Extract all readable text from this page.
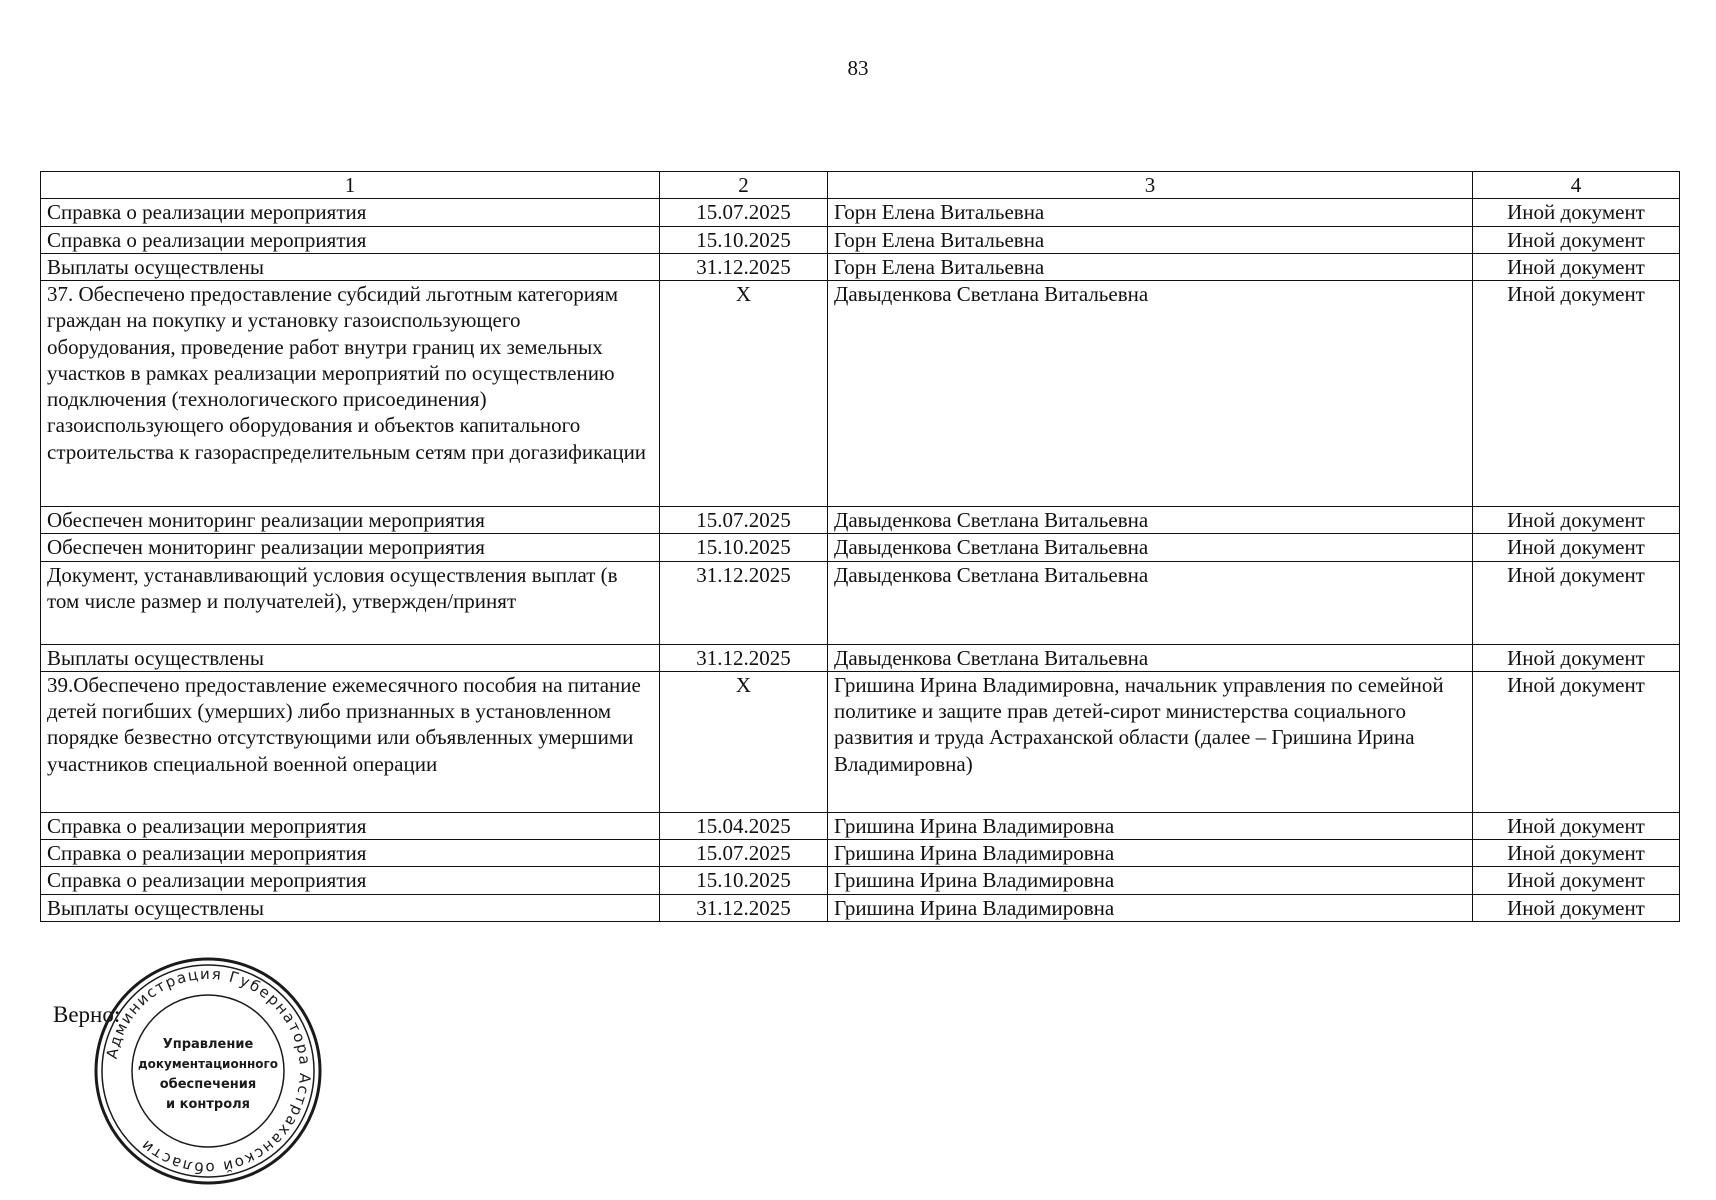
83
1	2	3	4
Справка о реализации мероприятия	15.07.2025	Горн Елена Витальевна	Иной документ
Справка о реализации мероприятия	15.10.2025	Горн Елена Витальевна	Иной документ
Выплаты осуществлены	31.12.2025	Горн Елена Витальевна	Иной документ
37. Обеспечено предоставление субсидий льготным категориям граждан на покупку и установку газоиспользующего оборудования, проведение работ внутри границ их земельных участков в рамках реализации мероприятий по осуществлению подключения (технологического присоединения) газоиспользующего оборудования и объектов капитального строительства к газораспределительным сетям при догазификации	X	Давыденкова Светлана Витальевна	Иной документ
Обеспечен мониторинг реализации мероприятия	15.07.2025	Давыденкова Светлана Витальевна	Иной документ
Обеспечен мониторинг реализации мероприятия	15.10.2025	Давыденкова Светлана Витальевна	Иной документ
Документ, устанавливающий условия осуществления выплат (в том числе размер и получателей), утвержден/принят	31.12.2025	Давыденкова Светлана Витальевна	Иной документ
Выплаты осуществлены	31.12.2025	Давыденкова Светлана Витальевна	Иной документ
39.Обеспечено предоставление ежемесячного пособия на питание детей погибших (умерших) либо признанных в установленном порядке безвестно отсутствующими или объявленных умершими участников специальной военной операции	X	Гришина Ирина Владимировна, начальник управления по семейной политике и защите прав детей-сирот министерства социального развития и труда Астраханской области (далее – Гришина Ирина Владимировна)	Иной документ
Справка о реализации мероприятия	15.04.2025	Гришина Ирина Владимировна	Иной документ
Справка о реализации мероприятия	15.07.2025	Гришина Ирина Владимировна	Иной документ
Справка о реализации мероприятия	15.10.2025	Гришина Ирина Владимировна	Иной документ
Выплаты осуществлены	31.12.2025	Гришина Ирина Владимировна	Иной документ
Верно:
Администрация Губернатора Астраханской области
Управление
документационного
обеспечения
и контроля
